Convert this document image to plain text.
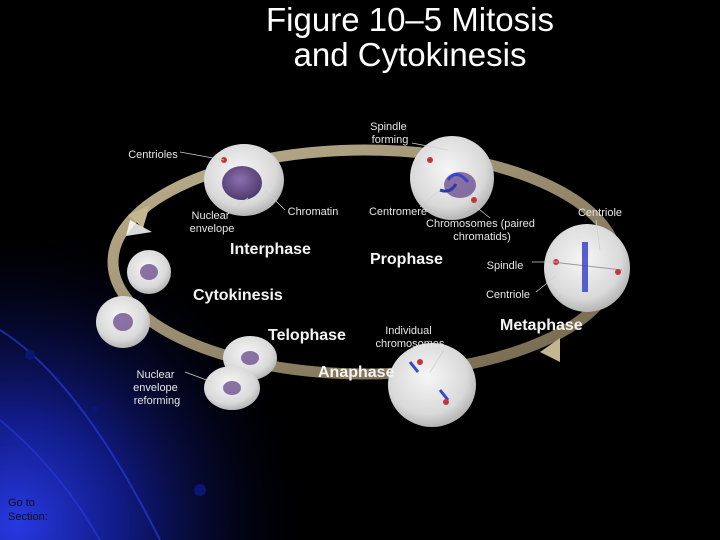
Spindle forming
Centrioles
Nuclear envelope
Chromatin	Centromere
Chromosomes (paired chromatids)
Centriole
Spindle
Centriole
Individual chromosomes
Nuclear envelope reforming
Interphase
Prophase
Cytokinesis
Metaphase
Telophase
Anaphase
Figure 10–5 Mitosis
and Cytokinesis
Go to
Section:
